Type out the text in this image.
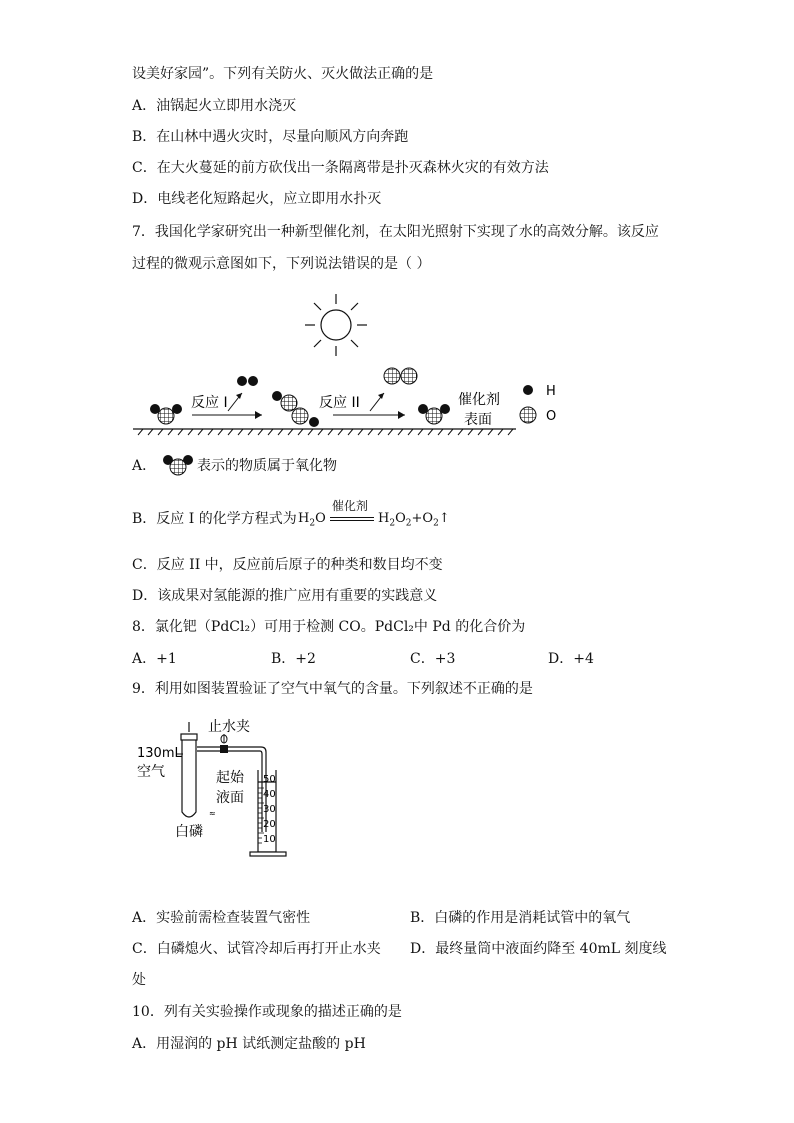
设美好家园”。下列有关防火、灭火做法正确的是
A．油锅起火立即用水浇灭
B．在山林中遇火灾时，尽量向顺风方向奔跑
C．在大火蔓延的前方砍伐出一条隔离带是扑灭森林火灾的有效方法
D．电线老化短路起火，应立即用水扑灭
7．我国化学家研究出一种新型催化剂，在太阳光照射下实现了水的高效分解。该反应
过程的微观示意图如下，下列说法错误的是（ ）
反应 I	反应 II	催化剂
表面
H
O
A．	表示的物质属于氧化物
B．反应 I 的化学方程式为 $H_2O$
催化剂
$H_2O_2+O_2↑$
C．反应 II 中，反应前后原子的种类和数目均不变
D．该成果对氢能源的推广应用有重要的实践意义
8．氯化钯（PdCl₂）可用于检测 CO。PdCl₂中 Pd 的化合价为
A．+1	B．+2	C．+3	D．+4
9．利用如图装置验证了空气中氧气的含量。下列叙述不正确的是
≈
止水夹
130mL
空气
白磷
起始
液面
50
40
30
20
10
A．实验前需检查装置气密性	B．白磷的作用是消耗试管中的氧气
C．白磷熄火、试管冷却后再打开止水夹 D．最终量筒中液面约降至 40mL 刻度线
处
10．列有关实验操作或现象的描述正确的是
A．用湿润的 pH 试纸测定盐酸的 pH
